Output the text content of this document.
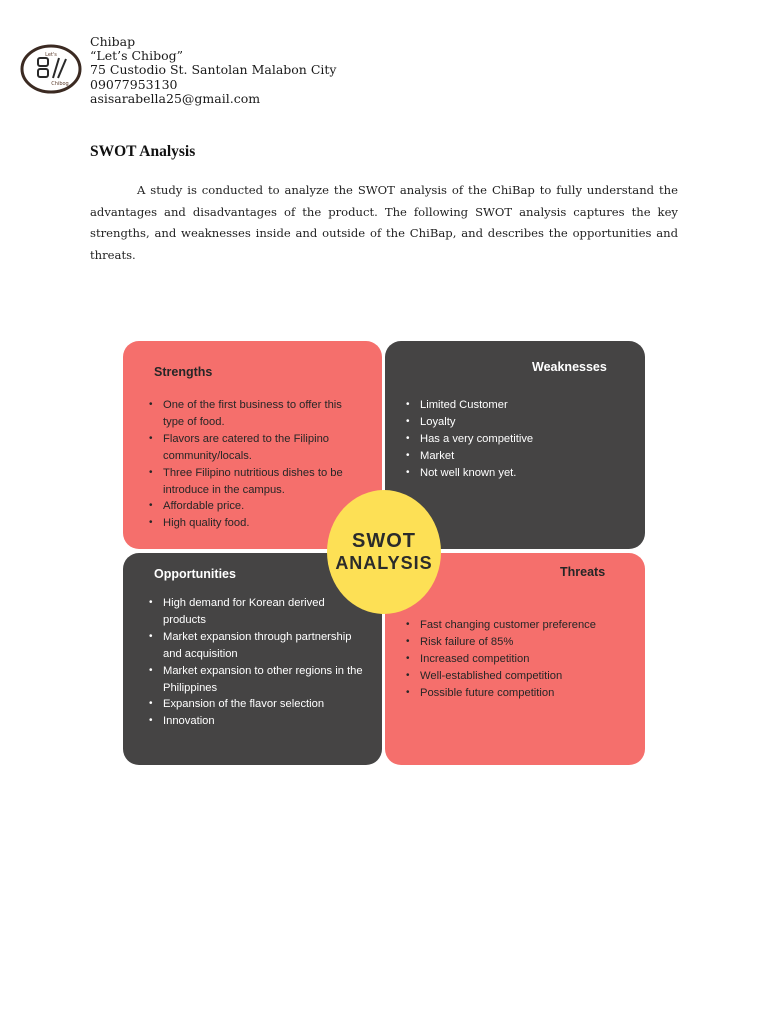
Let's
Chibog
Chibap
“Let’s Chibog”
75 Custodio St. Santolan Malabon City
09077953130
asisarabella25@gmail.com
SWOT Analysis
A study is conducted to analyze the SWOT analysis of the ChiBap to fully understand the advantages and disadvantages of the product. The following SWOT analysis captures the key strengths, and weaknesses inside and outside of the ChiBap, and describes the opportunities and threats.
Strengths
• One of the first business to offer this type of food.
• Flavors are catered to the Filipino community/locals.
• Three Filipino nutritious dishes to be introduce in the campus.
• Affordable price.
• High quality food.
Weaknesses
• Limited Customer
• Loyalty
• Has a very competitive
• Market
• Not well known yet.
Opportunities
• High demand for Korean derived products
• Market expansion through partnership and acquisition
• Market expansion to other regions in the Philippines
• Expansion of the flavor selection
• Innovation
Threats
• Fast changing customer preference
• Risk failure of 85%
• Increased competition
• Well-established competition
• Possible future competition
SWOT
ANALYSIS
